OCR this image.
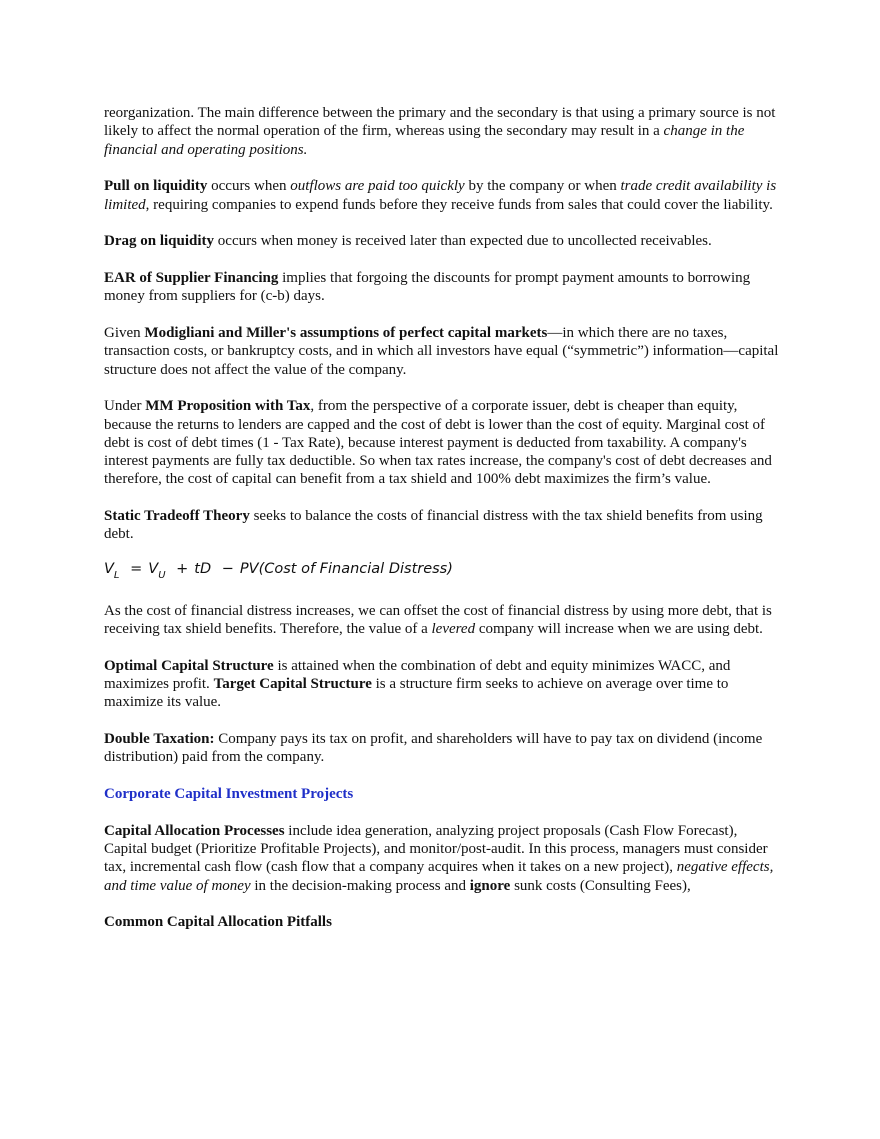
reorganization. The main difference between the primary and the secondary is that using a primary source is not likely to affect the normal operation of the firm, whereas using the secondary may result in a change in the financial and operating positions.

Pull on liquidity occurs when outflows are paid too quickly by the company or when trade credit availability is limited, requiring companies to expend funds before they receive funds from sales that could cover the liability.

Drag on liquidity occurs when money is received later than expected due to uncollected receivables.

EAR of Supplier Financing implies that forgoing the discounts for prompt payment amounts to borrowing money from suppliers for (c-b) days.

Given Modigliani and Miller's assumptions of perfect capital markets—in which there are no taxes, transaction costs, or bankruptcy costs, and in which all investors have equal (“symmetric”) information—capital structure does not affect the value of the company.

Under MM Proposition with Tax, from the perspective of a corporate issuer, debt is cheaper than equity, because the returns to lenders are capped and the cost of debt is lower than the cost of equity. Marginal cost of debt is cost of debt times (1 - Tax Rate), because interest payment is deducted from taxability. A company's interest payments are fully tax deductible. So when tax rates increase, the company's cost of debt decreases and therefore, the cost of capital can benefit from a tax shield and 100% debt maximizes the firm’s value.

Static Tradeoff Theory seeks to balance the costs of financial distress with the tax shield benefits from using debt.

$V_L = V_U$ + tD − PV(Cost of Financial Distress)

As the cost of financial distress increases, we can offset the cost of financial distress by using more debt, that is receiving tax shield benefits. Therefore, the value of a levered company will increase when we are using debt.

Optimal Capital Structure is attained when the combination of debt and equity minimizes WACC, and maximizes profit. Target Capital Structure is a structure firm seeks to achieve on average over time to maximize its value.

Double Taxation: Company pays its tax on profit, and shareholders will have to pay tax on dividend (income distribution) paid from the company.

Corporate Capital Investment Projects

Capital Allocation Processes include idea generation, analyzing project proposals (Cash Flow Forecast), Capital budget (Prioritize Profitable Projects), and monitor/post-audit. In this process, managers must consider tax, incremental cash flow (cash flow that a company acquires when it takes on a new project), negative effects, and time value of money in the decision-making process and ignore sunk costs (Consulting Fees),

Common Capital Allocation Pitfalls
